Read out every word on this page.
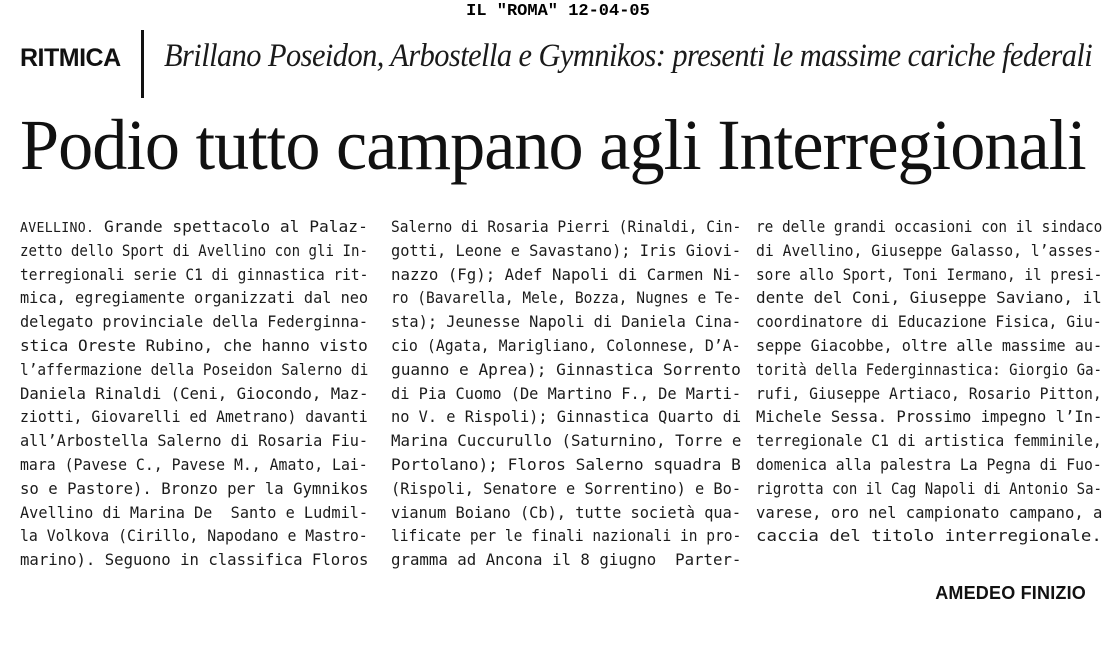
IL "ROMA" 12-04-05
RITMICA Brillano Poseidon, Arbostella e Gymnikos: presenti le massime cariche federali
Podio tutto campano agli Interregionali
AVELLINO. Grande spettacolo al Palaz-
zetto dello Sport di Avellino con gli In-
terregionali serie C1 di ginnastica rit-
mica, egregiamente organizzati dal neo
delegato provinciale della Federginna-
stica Oreste Rubino, che hanno visto
l’affermazione della Poseidon Salerno di
Daniela Rinaldi (Ceni, Giocondo, Maz-
ziotti, Giovarelli ed Ametrano) davanti
all’Arbostella Salerno di Rosaria Fiu-
mara (Pavese C., Pavese M., Amato, Lai-
so e Pastore). Bronzo per la Gymnikos
Avellino di Marina De  Santo e Ludmil-
la Volkova (Cirillo, Napodano e Mastro-
marino). Seguono in classifica Floros
Salerno di Rosaria Pierri (Rinaldi, Cin-
gotti, Leone e Savastano); Iris Giovi-
nazzo (Fg); Adef Napoli di Carmen Ni-
ro (Bavarella, Mele, Bozza, Nugnes e Te-
sta); Jeunesse Napoli di Daniela Cina-
cio (Agata, Marigliano, Colonnese, D’A-
guanno e Aprea); Ginnastica Sorrento
di Pia Cuomo (De Martino F., De Marti-
no V. e Rispoli); Ginnastica Quarto di
Marina Cuccurullo (Saturnino, Torre e
Portolano); Floros Salerno squadra B
(Rispoli, Senatore e Sorrentino) e Bo-
vianum Boiano (Cb), tutte società qua-
lificate per le finali nazionali in pro-
gramma ad Ancona il 8 giugno  Parter-
re delle grandi occasioni con il sindaco
di Avellino, Giuseppe Galasso, l’asses-
sore allo Sport, Toni Iermano, il presi-
dente del Coni, Giuseppe Saviano, il
coordinatore di Educazione Fisica, Giu-
seppe Giacobbe, oltre alle massime au-
torità della Federginnastica: Giorgio Ga-
rufi, Giuseppe Artiaco, Rosario Pitton,
Michele Sessa. Prossimo impegno l’In-
terregionale C1 di artistica femminile,
domenica alla palestra La Pegna di Fuo-
rigrotta con il Cag Napoli di Antonio Sa-
varese, oro nel campionato campano, a
caccia del titolo interregionale.
AMEDEO FINIZIO
